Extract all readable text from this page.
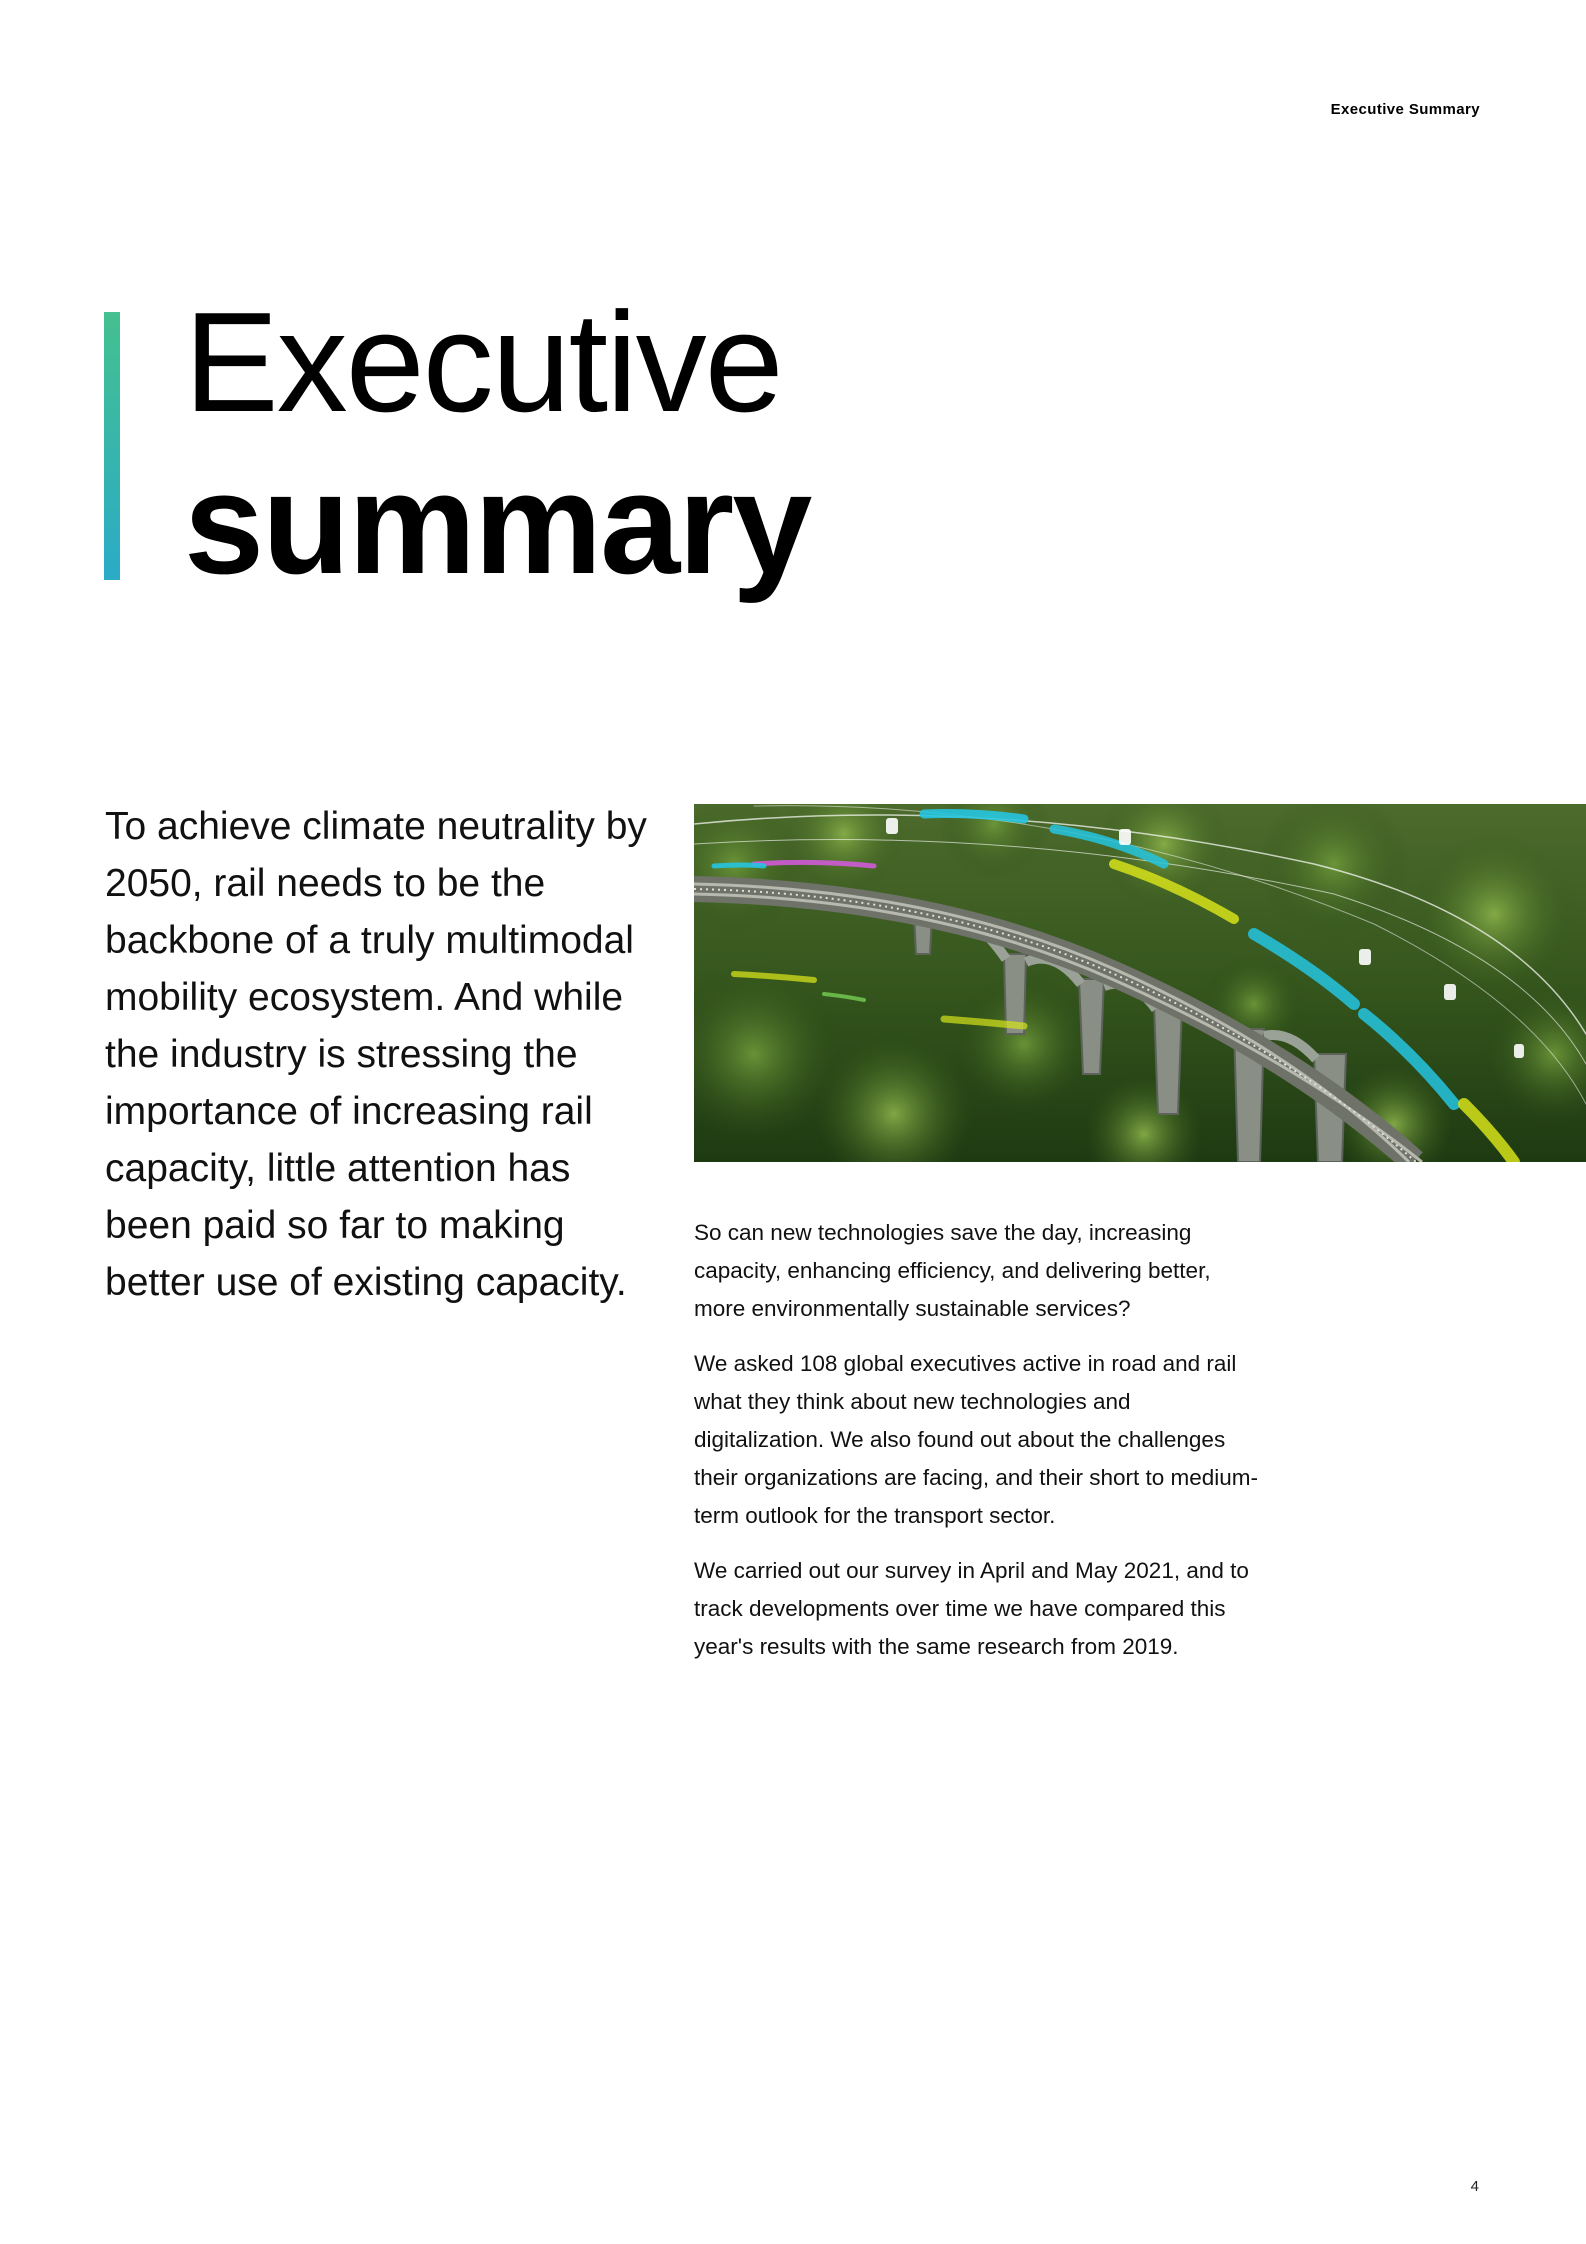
Executive Summary
Executive
summary

To achieve climate neutrality by 2050, rail needs to be the backbone of a truly multimodal mobility ecosystem. And while the industry is stressing the importance of increasing rail capacity, little attention has been paid so far to making better use of existing capacity.

So can new technologies save the day, increasing capacity, enhancing efficiency, and delivering better, more environmentally sustainable services?

We asked 108 global executives active in road and rail what they think about new technologies and digitalization. We also found out about the challenges their organizations are facing, and their short to medium-term outlook for the transport sector.

We carried out our survey in April and May 2021, and to track developments over time we have compared this year's results with the same research from 2019.

4
